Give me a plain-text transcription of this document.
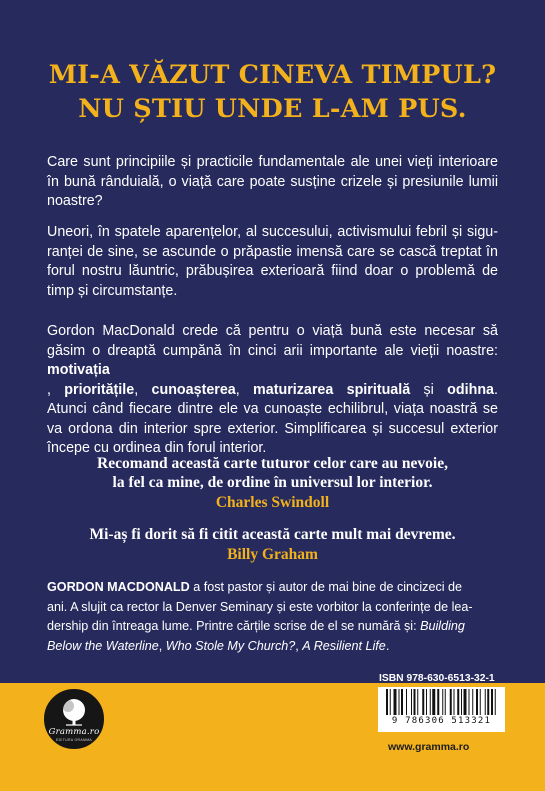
MI-A VĂZUT CINEVA TIMPUL?
NU ȘTIU UNDE L-AM PUS.

Care sunt principiile și practicile fundamentale ale unei vieți interioare
în bună rânduială, o viață care poate susține crizele și presiunile lumii
noastre?

Uneori, în spatele aparențelor, al succesului, activismului febril și sigu-
ranței de sine, se ascunde o prăpastie imensă care se cască treptat în
forul nostru lăuntric, prăbușirea exterioară fiind doar o problemă de
timp și circumstanțe.

Gordon MacDonald crede că pentru o viață bună este necesar să
găsim o dreaptă cumpănă în cinci arii importante ale vieții noastre: motivația
, prioritățile, cunoașterea, maturizarea spirituală și odihna.
Atunci când fiecare dintre ele va cunoaște echilibrul, viața noastră se
va ordona din interior spre exterior. Simplificarea și succesul exterior
începe cu ordinea din forul interior.

Recomand această carte tuturor celor care au nevoie,
la fel ca mine, de ordine în universul lor interior.
Charles Swindoll

Mi-aș fi dorit să fi citit această carte mult mai devreme.
Billy Graham

GORDON MACDONALD a fost pastor și autor de mai bine de cincizeci de
ani. A slujit ca rector la Denver Seminary și este vorbitor la conferințe de lea-
dership din întreaga lume. Printre cărțile scrise de el se numără și: Building
Below the Waterline, Who Stole My Church?, A Resilient Life.

Gramma.ro
EDITURA GRAMMA

ISBN 978-630-6513-32-1

9 786306 513321

www.gramma.ro
